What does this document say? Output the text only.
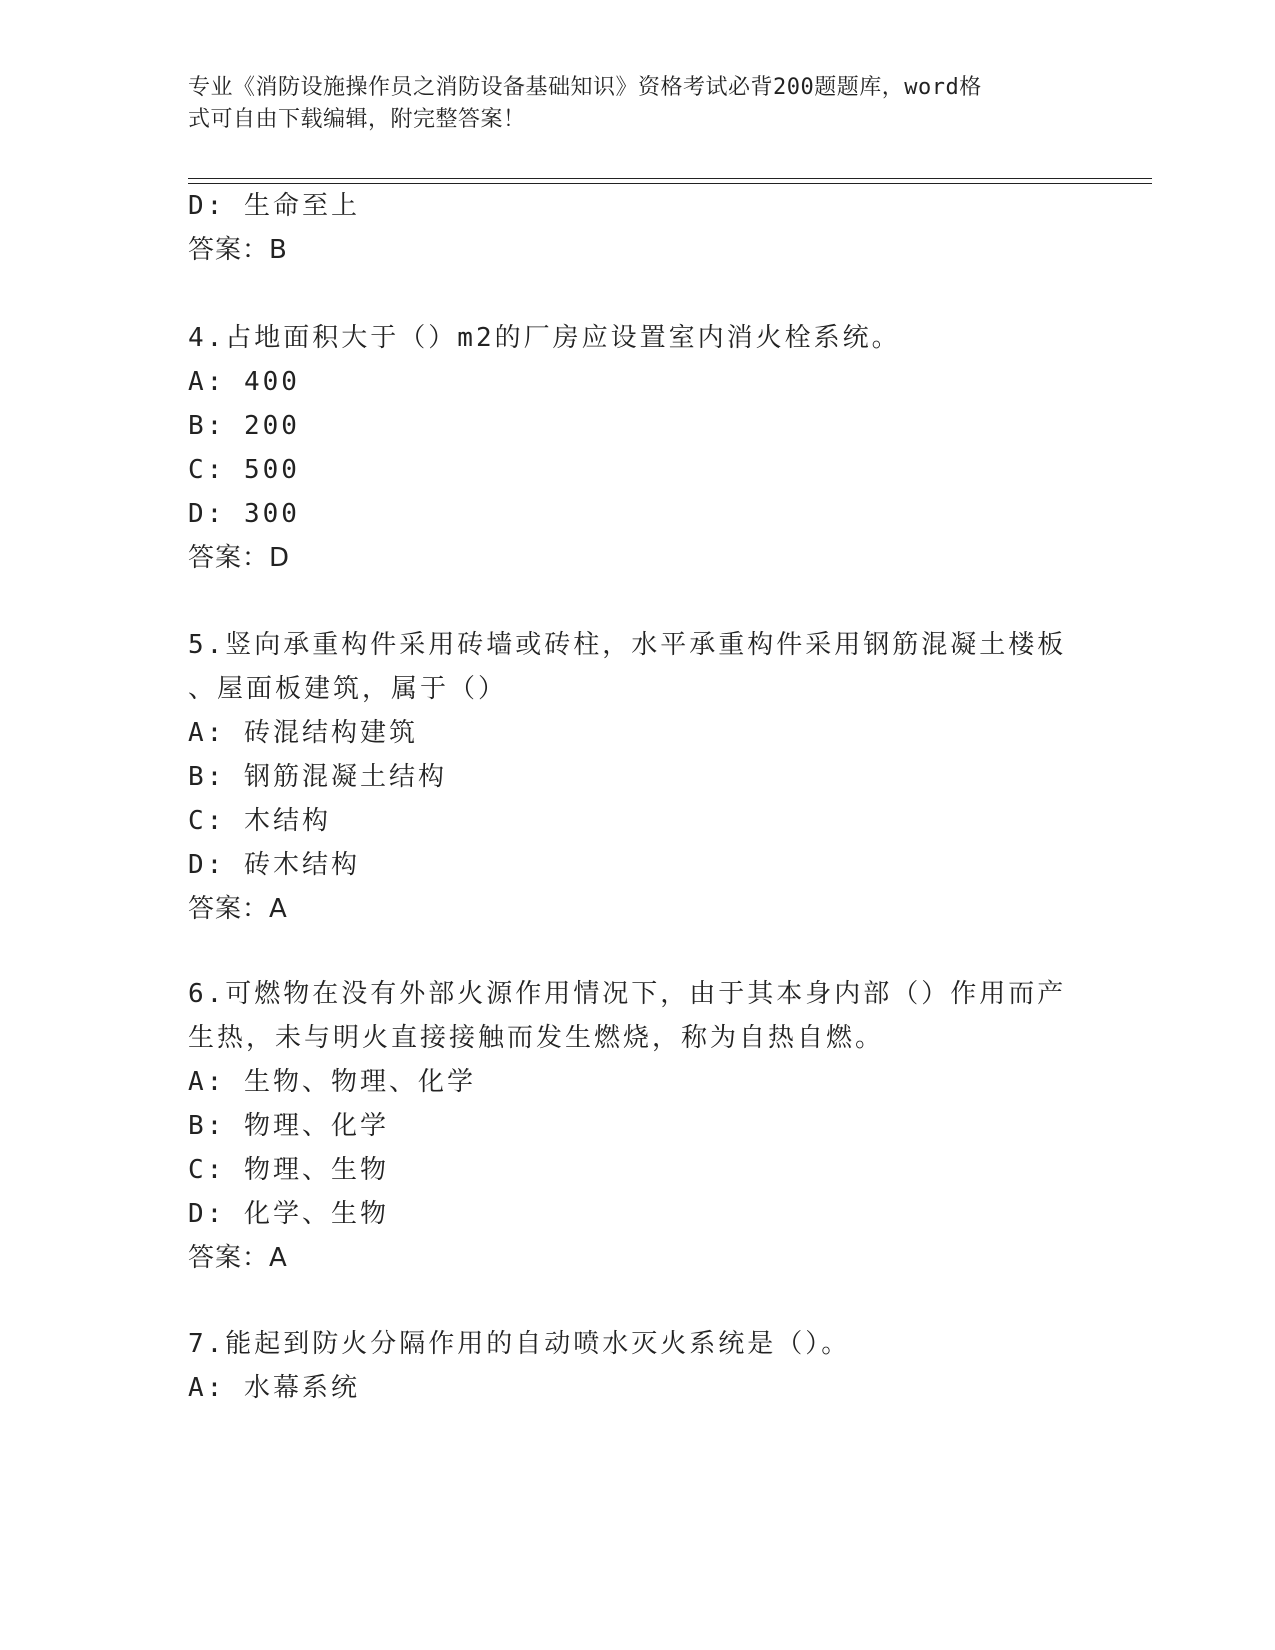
专业《消防设施操作员之消防设备基础知识》资格考试必背200题题库，word格
式可自由下载编辑，附完整答案！
D: 生命至上
答案：B
4.占地面积大于（）m2的厂房应设置室内消火栓系统。
A: 400
B: 200
C: 500
D: 300
答案：D
5.竖向承重构件采用砖墙或砖柱，水平承重构件采用钢筋混凝土楼板
、屋面板建筑，属于（）
A: 砖混结构建筑
B: 钢筋混凝土结构
C: 木结构
D: 砖木结构
答案：A
6.可燃物在没有外部火源作用情况下，由于其本身内部（）作用而产
生热，未与明火直接接触而发生燃烧，称为自热自燃。
A: 生物、物理、化学
B: 物理、化学
C: 物理、生物
D: 化学、生物
答案：A
7.能起到防火分隔作用的自动喷水灭火系统是（）。
A: 水幕系统
